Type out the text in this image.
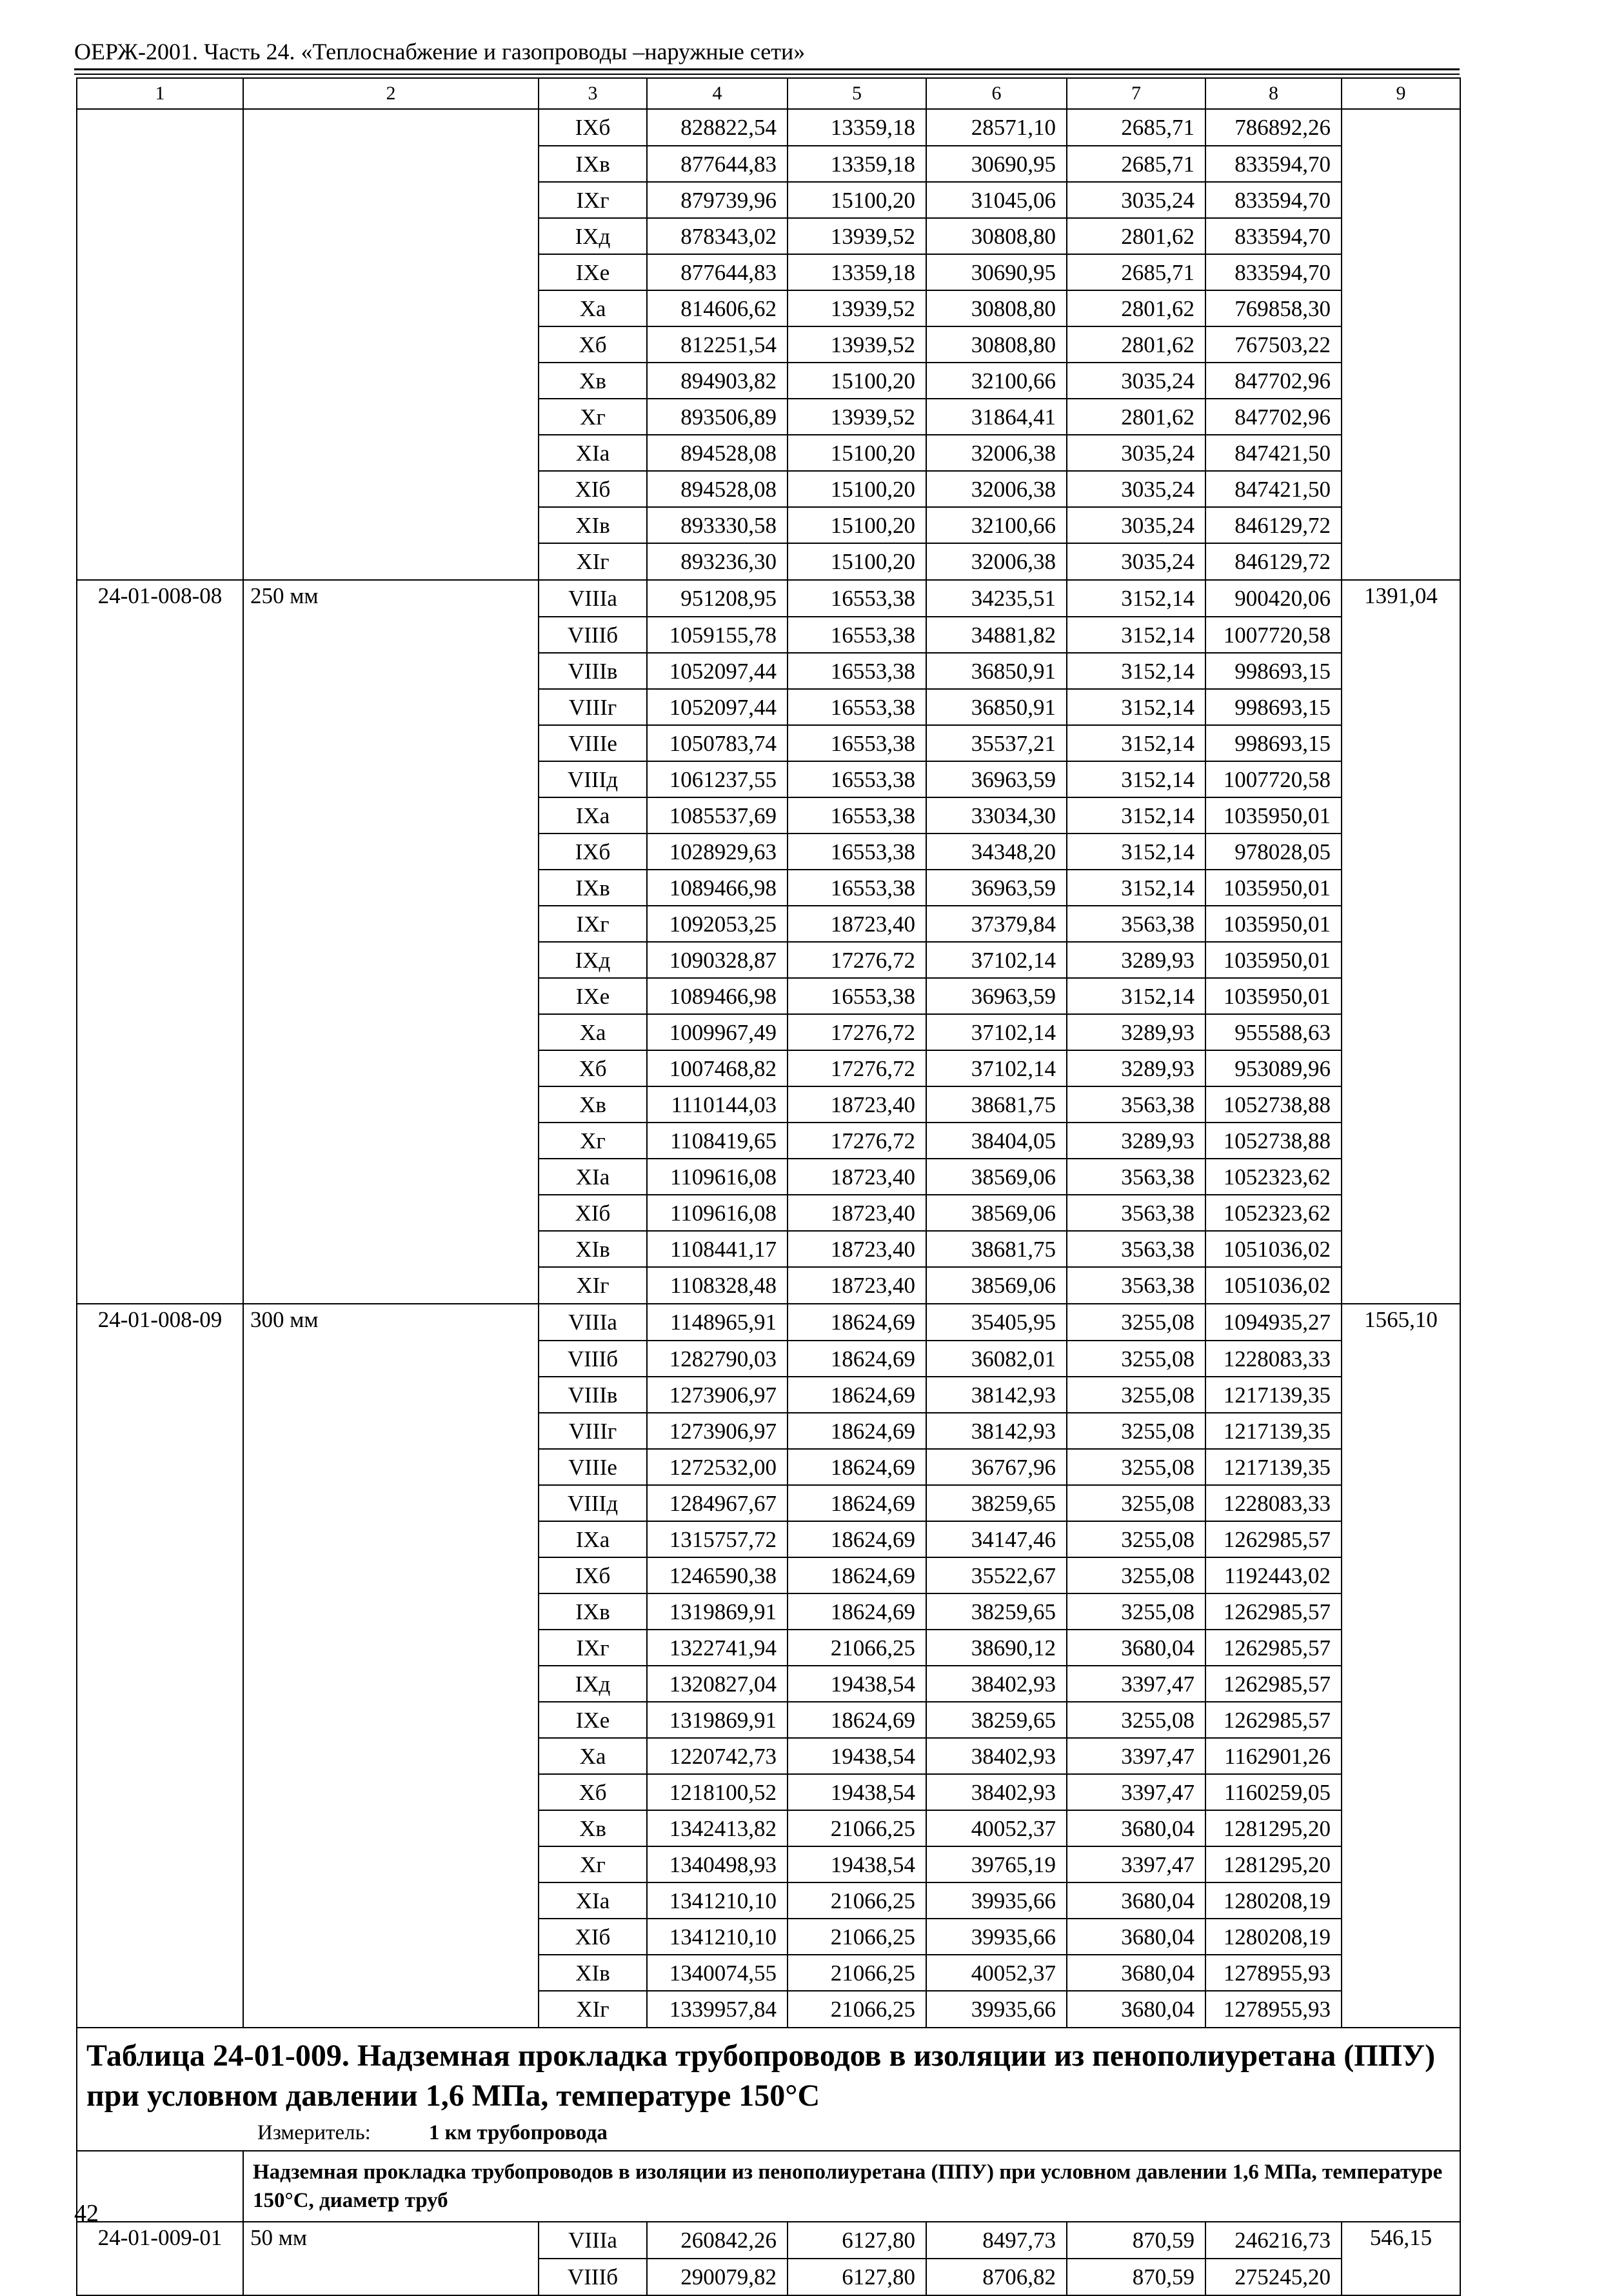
ОЕРЖ-2001. Часть 24. «Теплоснабжение и газопроводы –наружные сети»
1	2	3	4	5	6	7	8	9
		IXб	828822,54	13359,18	28571,10	2685,71	786892,26	
		IXв	877644,83	13359,18	30690,95	2685,71	833594,70	
		IXг	879739,96	15100,20	31045,06	3035,24	833594,70	
		IXд	878343,02	13939,52	30808,80	2801,62	833594,70	
		IXе	877644,83	13359,18	30690,95	2685,71	833594,70	
		Xа	814606,62	13939,52	30808,80	2801,62	769858,30	
		Xб	812251,54	13939,52	30808,80	2801,62	767503,22	
		Xв	894903,82	15100,20	32100,66	3035,24	847702,96	
		Xг	893506,89	13939,52	31864,41	2801,62	847702,96	
		XIа	894528,08	15100,20	32006,38	3035,24	847421,50	
		XIб	894528,08	15100,20	32006,38	3035,24	847421,50	
		XIв	893330,58	15100,20	32100,66	3035,24	846129,72	
		XIг	893236,30	15100,20	32006,38	3035,24	846129,72	
24-01-008-08	250 мм	VIIIа	951208,95	16553,38	34235,51	3152,14	900420,06	1391,04
		VIIIб	1059155,78	16553,38	34881,82	3152,14	1007720,58	
		VIIIв	1052097,44	16553,38	36850,91	3152,14	998693,15	
		VIIIг	1052097,44	16553,38	36850,91	3152,14	998693,15	
		VIIIе	1050783,74	16553,38	35537,21	3152,14	998693,15	
		VIIIд	1061237,55	16553,38	36963,59	3152,14	1007720,58	
		IXа	1085537,69	16553,38	33034,30	3152,14	1035950,01	
		IXб	1028929,63	16553,38	34348,20	3152,14	978028,05	
		IXв	1089466,98	16553,38	36963,59	3152,14	1035950,01	
		IXг	1092053,25	18723,40	37379,84	3563,38	1035950,01	
		IXд	1090328,87	17276,72	37102,14	3289,93	1035950,01	
		IXе	1089466,98	16553,38	36963,59	3152,14	1035950,01	
		Xа	1009967,49	17276,72	37102,14	3289,93	955588,63	
		Xб	1007468,82	17276,72	37102,14	3289,93	953089,96	
		Xв	1110144,03	18723,40	38681,75	3563,38	1052738,88	
		Xг	1108419,65	17276,72	38404,05	3289,93	1052738,88	
		XIа	1109616,08	18723,40	38569,06	3563,38	1052323,62	
		XIб	1109616,08	18723,40	38569,06	3563,38	1052323,62	
		XIв	1108441,17	18723,40	38681,75	3563,38	1051036,02	
		XIг	1108328,48	18723,40	38569,06	3563,38	1051036,02	
24-01-008-09	300 мм	VIIIа	1148965,91	18624,69	35405,95	3255,08	1094935,27	1565,10
		VIIIб	1282790,03	18624,69	36082,01	3255,08	1228083,33	
		VIIIв	1273906,97	18624,69	38142,93	3255,08	1217139,35	
		VIIIг	1273906,97	18624,69	38142,93	3255,08	1217139,35	
		VIIIе	1272532,00	18624,69	36767,96	3255,08	1217139,35	
		VIIIд	1284967,67	18624,69	38259,65	3255,08	1228083,33	
		IXа	1315757,72	18624,69	34147,46	3255,08	1262985,57	
		IXб	1246590,38	18624,69	35522,67	3255,08	1192443,02	
		IXв	1319869,91	18624,69	38259,65	3255,08	1262985,57	
		IXг	1322741,94	21066,25	38690,12	3680,04	1262985,57	
		IXд	1320827,04	19438,54	38402,93	3397,47	1262985,57	
		IXе	1319869,91	18624,69	38259,65	3255,08	1262985,57	
		Xа	1220742,73	19438,54	38402,93	3397,47	1162901,26	
		Xб	1218100,52	19438,54	38402,93	3397,47	1160259,05	
		Xв	1342413,82	21066,25	40052,37	3680,04	1281295,20	
		Xг	1340498,93	19438,54	39765,19	3397,47	1281295,20	
		XIа	1341210,10	21066,25	39935,66	3680,04	1280208,19	
		XIб	1341210,10	21066,25	39935,66	3680,04	1280208,19	
		XIв	1340074,55	21066,25	40052,37	3680,04	1278955,93	
		XIг	1339957,84	21066,25	39935,66	3680,04	1278955,93	

Таблица 24-01-009. Надземная прокладка трубопроводов в изоляции из пенополиуретана (ППУ) при условном давлении 1,6 МПа, температуре 150°С
Измеритель: 1 км трубопровода								

	Надземная прокладка трубопроводов в изоляции из пенополиуретана (ППУ) при условном давлении 1,6 МПа, температуре 150°С, диаметр труб							

24-01-009-01	50 мм	VIIIа	260842,26	6127,80	8497,73	870,59	246216,73	546,15
		VIIIб	290079,82	6127,80	8706,82	870,59	275245,20	
42
